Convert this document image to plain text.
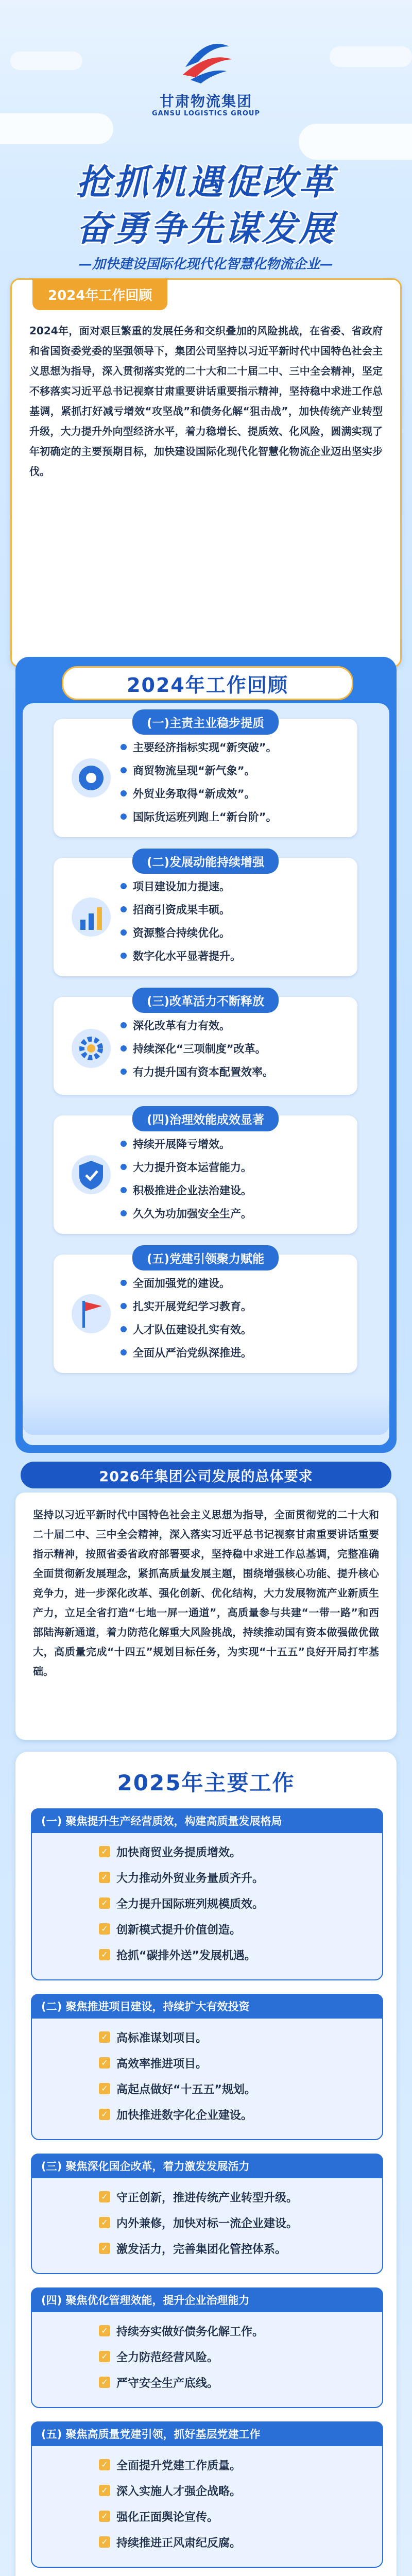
甘肃物流集团
GANSU LOGISTICS GROUP
抢抓机遇促改革
奋勇争先谋发展
—加快建设国际化现代化智慧化物流企业—
2024年工作回顾
2024年，面对艰巨繁重的发展任务和交织叠加的风险挑战，在省委、省政府和省国资委党委的坚强领导下，集团公司坚持以习近平新时代中国特色社会主义思想为指导，深入贯彻落实党的二十大和二十届二中、三中全会精神，坚定不移落实习近平总书记视察甘肃重要讲话重要指示精神，坚持稳中求进工作总基调，紧抓打好减亏增效“攻坚战”和债务化解“狙击战”，加快传统产业转型升级，大力提升外向型经济水平，着力稳增长、提质效、化风险，圆满实现了年初确定的主要预期目标，加快建设国际化现代化智慧化物流企业迈出坚实步伐。
2024年工作回顾
(一)主责主业稳步提质
主要经济指标实现“新突破”。
商贸物流呈现“新气象”。
外贸业务取得“新成效”。
国际货运班列跑上“新台阶”。
(二)发展动能持续增强
项目建设加力提速。
招商引资成果丰硕。
资源整合持续优化。
数字化水平显著提升。
(三)改革活力不断释放
深化改革有力有效。
持续深化“三项制度”改革。
有力提升国有资本配置效率。
(四)治理效能成效显著
持续开展降亏增效。
大力提升资本运营能力。
积极推进企业法治建设。
久久为功加强安全生产。
(五)党建引领聚力赋能
全面加强党的建设。
扎实开展党纪学习教育。
人才队伍建设扎实有效。
全面从严治党纵深推进。
2026年集团公司发展的总体要求
坚持以习近平新时代中国特色社会主义思想为指导，全面贯彻党的二十大和二十届二中、三中全会精神，深入落实习近平总书记视察甘肃重要讲话重要指示精神，按照省委省政府部署要求，坚持稳中求进工作总基调，完整准确全面贯彻新发展理念，紧抓高质量发展主题，围绕增强核心功能、提升核心竞争力，进一步深化改革、强化创新、优化结构，大力发展物流产业新质生产力，立足全省打造“七地一屏一通道”，高质量参与共建“一带一路”和西部陆海新通道，着力防范化解重大风险挑战，持续推动国有资本做强做优做大，高质量完成“十四五”规划目标任务，为实现“十五五”良好开局打牢基础。
2025年主要工作
(一) 聚焦提升生产经营质效，构建高质量发展格局
✓ 加快商贸业务提质增效。
✓ 大力推动外贸业务量质齐升。
✓ 全力提升国际班列规模质效。
✓ 创新模式提升价值创造。
✓ 抢抓“碳排外送”发展机遇。
(二) 聚焦推进项目建设，持续扩大有效投资
✓ 高标准谋划项目。
✓ 高效率推进项目。
✓ 高起点做好“十五五”规划。
✓ 加快推进数字化企业建设。
(三) 聚焦深化国企改革，着力激发发展活力
✓ 守正创新，推进传统产业转型升级。
✓ 内外兼修，加快对标一流企业建设。
✓ 激发活力，完善集团化管控体系。
(四) 聚焦优化管理效能，提升企业治理能力
✓ 持续夯实做好债务化解工作。
✓ 全力防范经营风险。
✓ 严守安全生产底线。
(五) 聚焦高质量党建引领，抓好基层党建工作
✓ 全面提升党建工作质量。
✓ 深入实施人才强企战略。
✓ 强化正面舆论宣传。
✓ 持续推进正风肃纪反腐。
